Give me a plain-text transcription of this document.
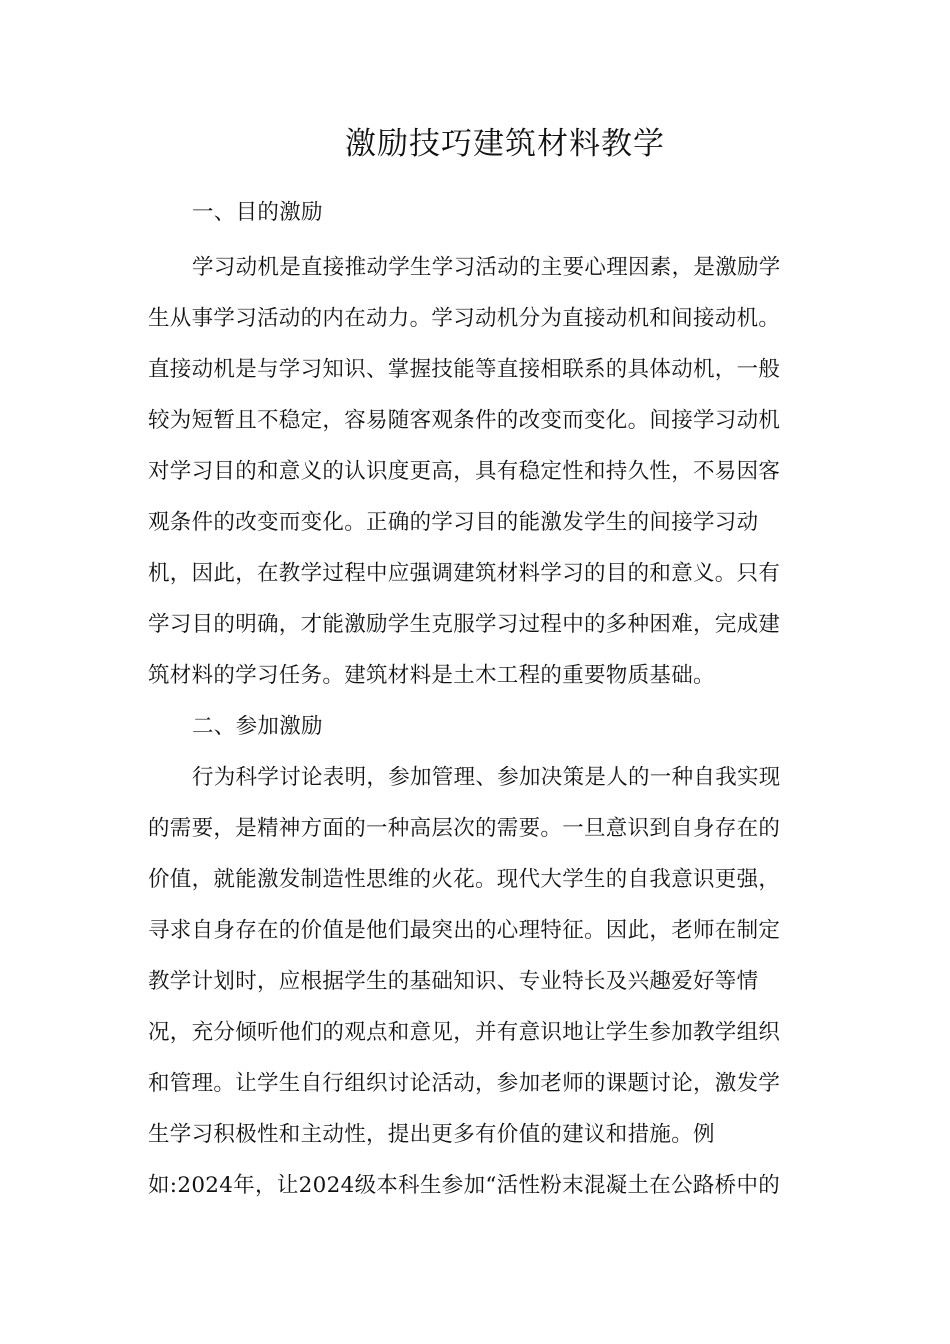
激励技巧建筑材料教学
一、目的激励
学习动机是直接推动学生学习活动的主要心理因素，是激励学
生从事学习活动的内在动力。学习动机分为直接动机和间接动机。
直接动机是与学习知识、掌握技能等直接相联系的具体动机，一般
较为短暂且不稳定，容易随客观条件的改变而变化。间接学习动机
对学习目的和意义的认识度更高，具有稳定性和持久性，不易因客
观条件的改变而变化。正确的学习目的能激发学生的间接学习动
机，因此，在教学过程中应强调建筑材料学习的目的和意义。只有
学习目的明确，才能激励学生克服学习过程中的多种困难，完成建
筑材料的学习任务。建筑材料是土木工程的重要物质基础。
二、参加激励
行为科学讨论表明，参加管理、参加决策是人的一种自我实现
的需要，是精神方面的一种高层次的需要。一旦意识到自身存在的
价值，就能激发制造性思维的火花。现代大学生的自我意识更强，
寻求自身存在的价值是他们最突出的心理特征。因此，老师在制定
教学计划时，应根据学生的基础知识、专业特长及兴趣爱好等情
况，充分倾听他们的观点和意见，并有意识地让学生参加教学组织
和管理。让学生自行组织讨论活动，参加老师的课题讨论，激发学
生学习积极性和主动性，提出更多有价值的建议和措施。例
如:2024年，让2024级本科生参加“活性粉末混凝土在公路桥中的
